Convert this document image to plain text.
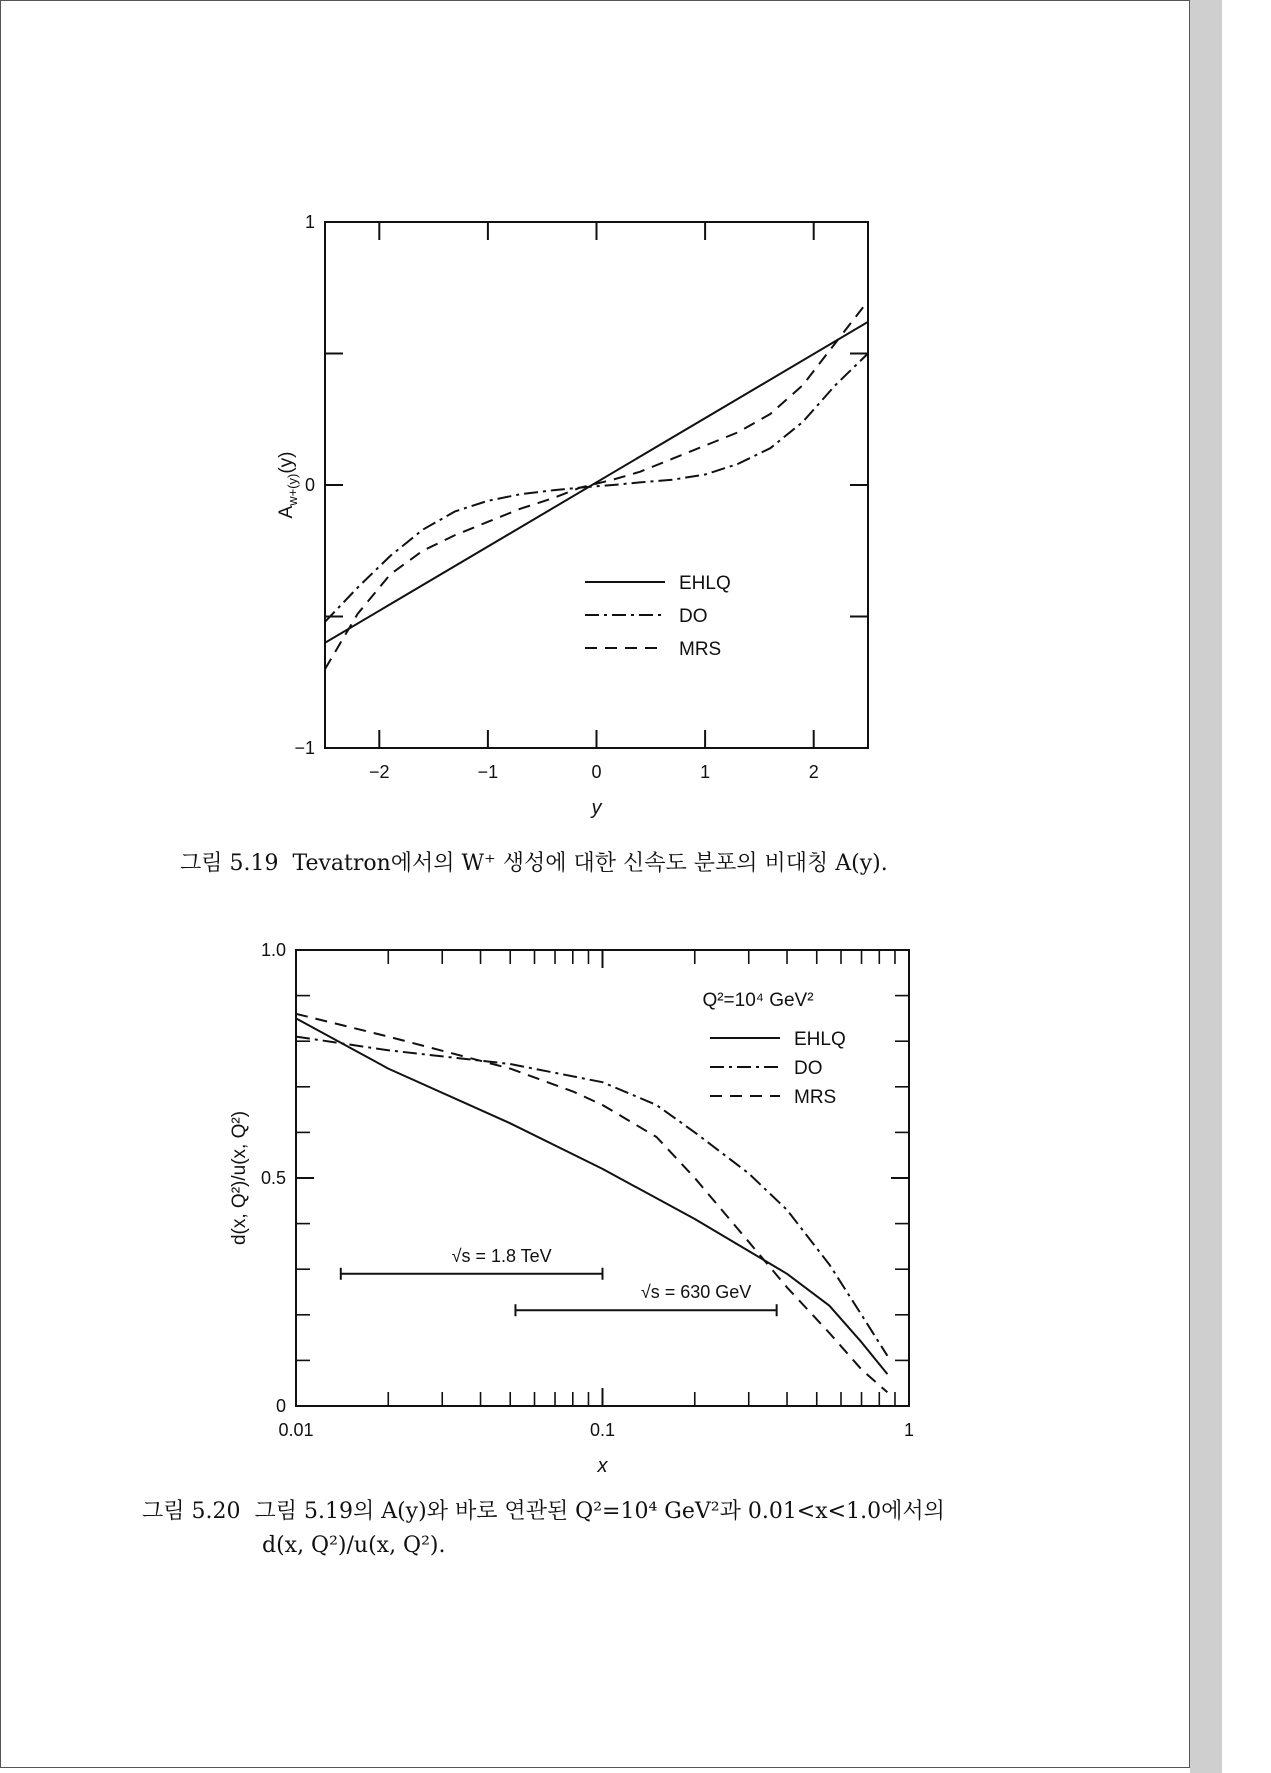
−2	−1	0	1	2
−1
0
1
y
$A_{w+(y)}(y)$
EHLQ
DO
MRS
0.01	0.1	1
0
0.5
1.0
x
d(x, Q²)/u(x, Q²)
EHLQ
DO
MRS
Q²=10⁴ GeV²
√s = 1.8 TeV
√s = 630 GeV
그림 5.19 Tevatron에서의 W⁺ 생성에 대한 신속도 분포의 비대칭 A(y).
그림 5.20 그림 5.19의 A(y)와 바로 연관된 Q²=10⁴ GeV²과 0.01<x<1.0에서의
d(x, Q²)/u(x, Q²).
